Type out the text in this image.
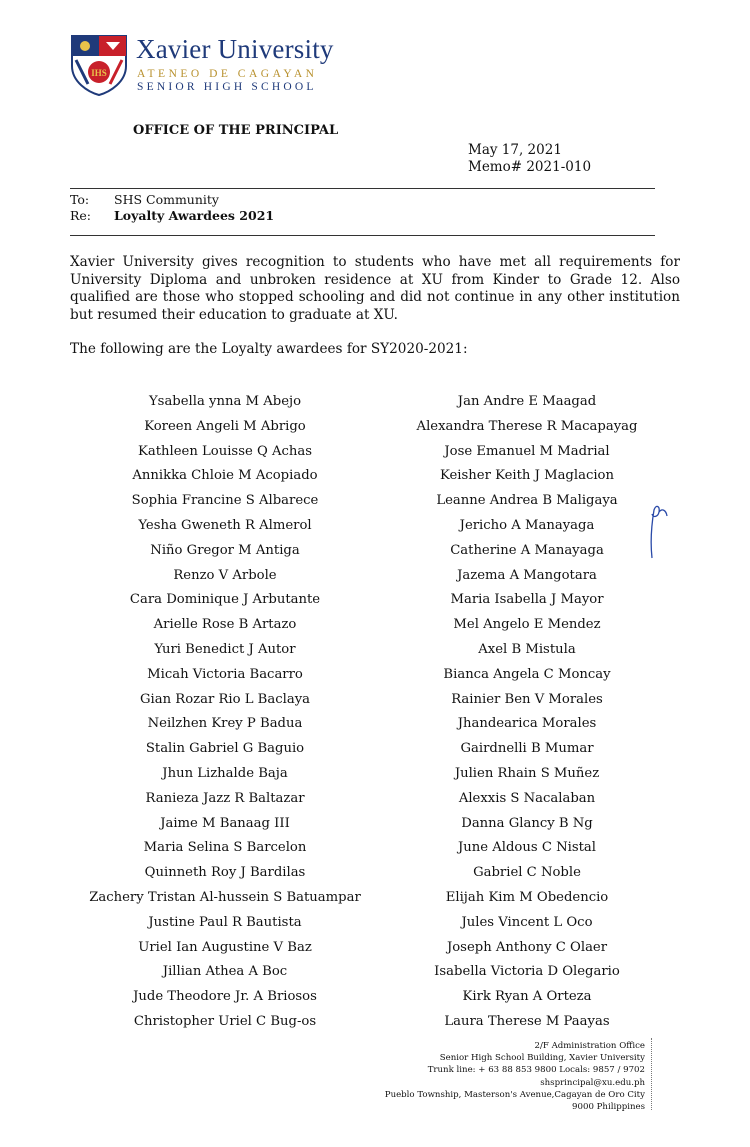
IHS
Xavier University
ATENEO DE CAGAYAN
SENIOR HIGH SCHOOL
OFFICE OF THE PRINCIPAL
May 17, 2021
Memo# 2021-010
To: SHS Community
Re: Loyalty Awardees 2021
Xavier University gives recognition to students who have met all requirements for University Diploma and unbroken residence at XU from Kinder to Grade 12. Also qualified are those who stopped schooling and did not continue in any other institution but resumed their education to graduate at XU.
The following are the Loyalty awardees for SY2020-2021:
Ysabella ynna M Abejo
Koreen Angeli M Abrigo
Kathleen Louisse Q Achas
Annikka Chloie M Acopiado
Sophia Francine S Albarece
Yesha Gweneth R Almerol
Niño Gregor M Antiga
Renzo V Arbole
Cara Dominique J Arbutante
Arielle Rose B Artazo
Yuri Benedict J Autor
Micah Victoria Bacarro
Gian Rozar Rio L Baclaya
Neilzhen Krey P Badua
Stalin Gabriel G Baguio
Jhun Lizhalde Baja
Ranieza Jazz R Baltazar
Jaime M Banaag III
Maria Selina S Barcelon
Quinneth Roy J Bardilas
Zachery Tristan Al-hussein S Batuampar
Justine Paul R Bautista
Uriel Ian Augustine V Baz
Jillian Athea A Boc
Jude Theodore Jr. A Briosos
Christopher Uriel C Bug-os
Jan Andre E Maagad
Alexandra Therese R Macapayag
Jose Emanuel M Madrial
Keisher Keith J Maglacion
Leanne Andrea B Maligaya
Jericho A Manayaga
Catherine A Manayaga
Jazema A Mangotara
Maria Isabella J Mayor
Mel Angelo E Mendez
Axel B Mistula
Bianca Angela C Moncay
Rainier Ben V Morales
Jhandearica Morales
Gairdnelli B Mumar
Julien Rhain S Muñez
Alexxis S Nacalaban
Danna Glancy B Ng
June Aldous C Nistal
Gabriel C Noble
Elijah Kim M Obedencio
Jules Vincent L Oco
Joseph Anthony C Olaer
Isabella Victoria D Olegario
Kirk Ryan A Orteza
Laura Therese M Paayas
2/F Administration Office
Senior High School Building, Xavier University
Trunk line: + 63 88 853 9800 Locals: 9857 / 9702
shsprincipal@xu.edu.ph
Pueblo Township, Masterson's Avenue,Cagayan de Oro City
9000 Philippines
